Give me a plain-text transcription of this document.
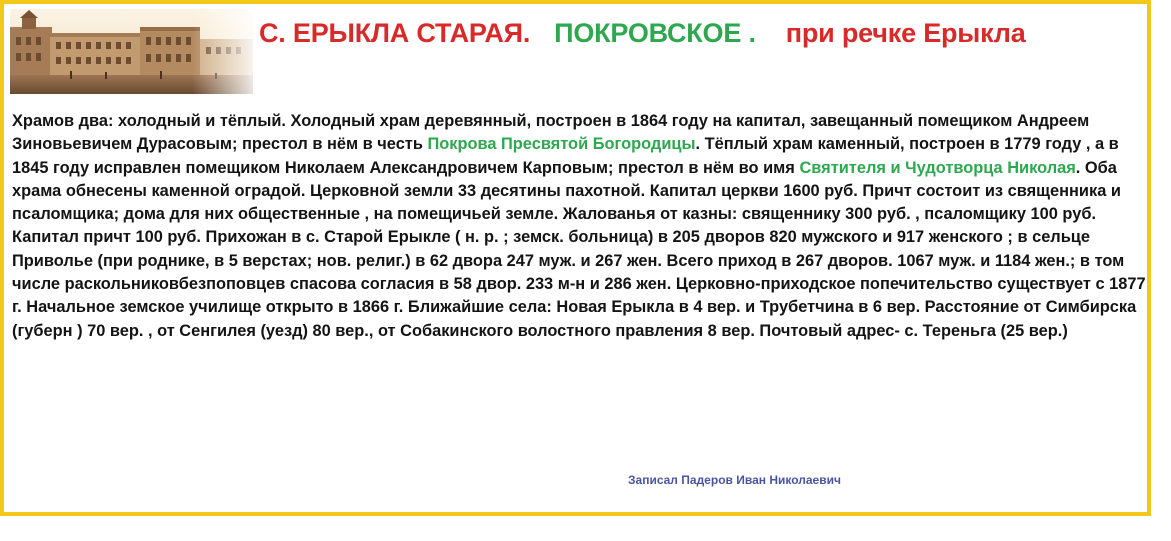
С. ЕРЫКЛА СТАРАЯ. ПОКРОВСКОЕ . при речке Ерыкла
Храмов два: холодный и тёплый. Холодный храм деревянный, построен в 1864 году на капитал, завещанный помещиком Андреем Зиновьевичем Дурасовым; престол в нём в честь Покрова Пресвятой Богородицы. Тёплый храм каменный, построен в 1779 году , а в 1845 году исправлен помещиком Николаем Александровичем Карповым; престол в нём во имя Святителя и Чудотворца Николая. Оба храма обнесены каменной оградой. Церковной земли 33 десятины пахотной. Капитал церкви 1600 руб. Причт состоит из священника и псаломщика; дома для них общественные , на помещичьей земле. Жалованья от казны: священнику 300 руб. , псаломщику 100 руб. Капитал причт 100 руб. Прихожан в с. Старой Ерыкле ( н. р. ; земск. больница) в 205 дворов 820 мужского и 917 женского ; в сельце Приволье (при роднике, в 5 верстах; нов. религ.) в 62 двора 247 муж. и 267 жен. Всего приход в 267 дворов. 1067 муж. и 1184 жен.; в том числе раскольниковбезпоповцев спасова согласия в 58 двор. 233 м-н и 286 жен. Церковно-приходское попечительство существует с 1877 г. Начальное земское училище открыто в 1866 г. Ближайшие села: Новая Ерыкла в 4 вер. и Трубетчина в 6 вер. Расстояние от Симбирска (губерн ) 70 вер. , от Сенгилея (уезд) 80 вер., от Собакинского волостного правления 8 вер. Почтовый адрес- с. Тереньга (25 вер.)
Записал Падеров Иван Николаевич
